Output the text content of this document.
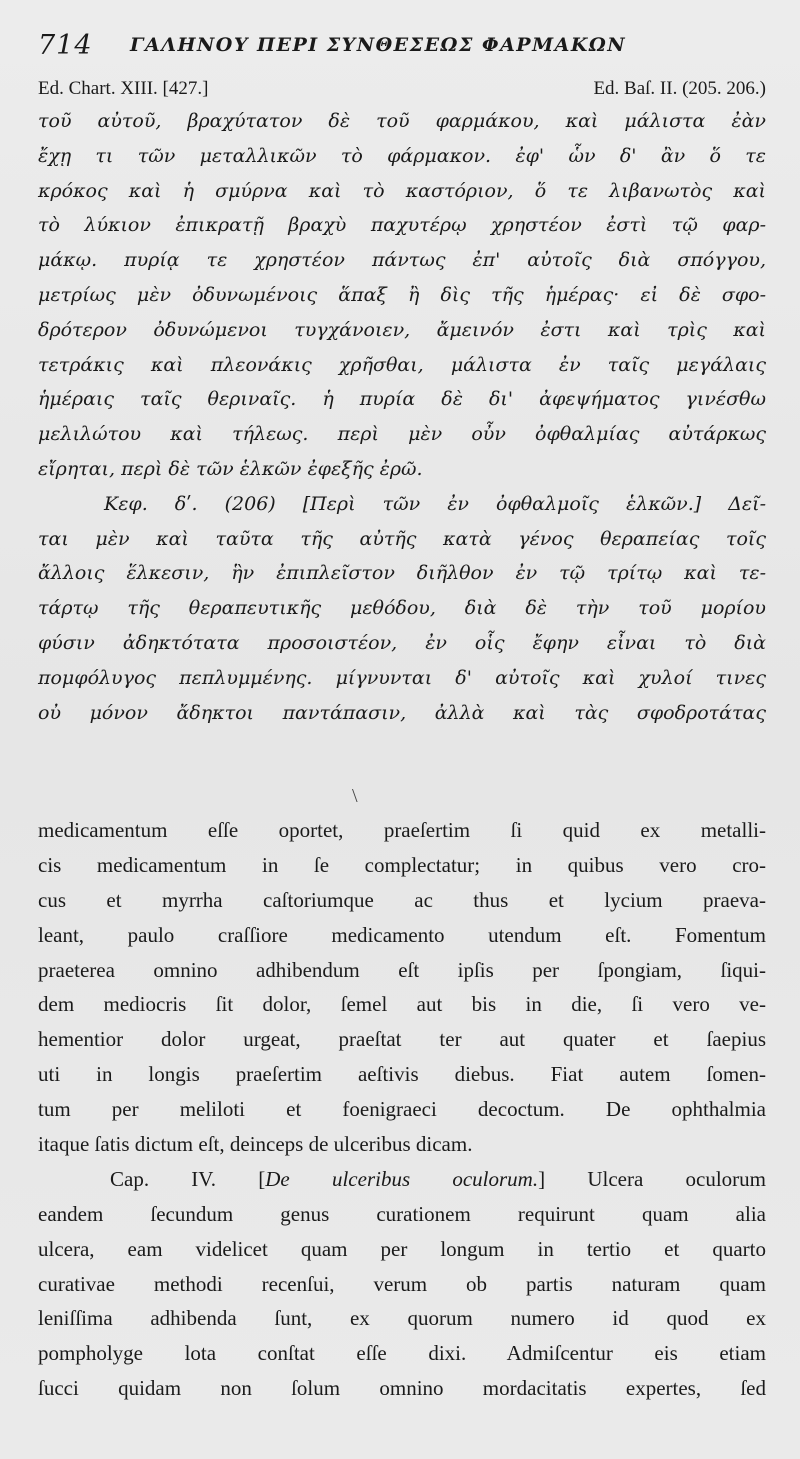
714 ΓΑΛΗΝΟΥ ΠΕΡΙ ΣΥΝΘΕΣΕΩΣ ΦΑΡΜΑΚΩΝ
Ed. Chart. XIII. [427.]	Ed. Baſ. II. (205. 206.)
τοῦ αὐτοῦ, βραχύτατον δὲ τοῦ φαρμάκου, καὶ μάλιστα ἐὰν
ἔχῃ τι τῶν μεταλλικῶν τὸ φάρμακον. ἐφ' ὧν δ' ἂν ὅ τε
κρόκος καὶ ἡ σμύρνα καὶ τὸ καστόριον, ὅ τε λιβανωτὸς καὶ
τὸ λύκιον ἐπικρατῇ βραχὺ παχυτέρῳ χρηστέον ἐστὶ τῷ φαρ-
μάκῳ. πυρίᾳ τε χρηστέον πάντως ἐπ' αὐτοῖς διὰ σπόγγου,
μετρίως μὲν ὀδυνωμένοις ἅπαξ ἢ δὶς τῆς ἡμέρας· εἰ δὲ σφο-
δρότερον ὀδυνώμενοι τυγχάνοιεν, ἄμεινόν ἐστι καὶ τρὶς καὶ
τετράκις καὶ πλεονάκις χρῆσθαι, μάλιστα ἐν ταῖς μεγάλαις
ἡμέραις ταῖς θεριναῖς. ἡ πυρία δὲ δι' ἀφεψήματος γινέσθω
μελιλώτου καὶ τήλεως. περὶ μὲν οὖν ὀφθαλμίας αὐτάρκως
εἴρηται, περὶ δὲ τῶν ἑλκῶν ἐφεξῆς ἐρῶ.
Κεφ. δʹ. (206) [Περὶ τῶν ἐν ὀφθαλμοῖς ἑλκῶν.] Δεῖ-
ται μὲν καὶ ταῦτα τῆς αὐτῆς κατὰ γένος θεραπείας τοῖς
ἄλλοις ἕλκεσιν, ἣν ἐπιπλεῖστον διῆλθον ἐν τῷ τρίτῳ καὶ τε-
τάρτῳ τῆς θεραπευτικῆς μεθόδου, διὰ δὲ τὴν τοῦ μορίου
φύσιν ἀδηκτότατα προσοιστέον, ἐν οἷς ἔφην εἶναι τὸ διὰ
πομφόλυγος πεπλυμμένης. μίγνυνται δ' αὐτοῖς καὶ χυλοί τινες
οὐ μόνον ἄδηκτοι παντάπασιν, ἀλλὰ καὶ τὰς σφοδροτάτας
\
medicamentum eſſe oportet, praeſertim ſi quid ex metalli-
cis medicamentum in ſe complectatur; in quibus vero cro-
cus et myrrha caſtoriumque ac thus et lycium praeva-
leant, paulo craſſiore medicamento utendum eſt. Fomentum
praeterea omnino adhibendum eſt ipſis per ſpongiam, ſiqui-
dem mediocris ſit dolor, ſemel aut bis in die, ſi vero ve-
hementior dolor urgeat, praeſtat ter aut quater et ſaepius
uti in longis praeſertim aeſtivis diebus. Fiat autem ſomen-
tum per meliloti et foenigraeci decoctum. De ophthalmia
itaque ſatis dictum eſt, deinceps de ulceribus dicam.
Cap. IV. [De ulceribus oculorum.] Ulcera oculorum
eandem ſecundum genus curationem requirunt quam alia
ulcera, eam videlicet quam per longum in tertio et quarto
curativae methodi recenſui, verum ob partis naturam quam
leniſſima adhibenda ſunt, ex quorum numero id quod ex
pompholyge lota conſtat eſſe dixi. Admiſcentur eis etiam
ſucci quidam non ſolum omnino mordacitatis expertes, ſed
